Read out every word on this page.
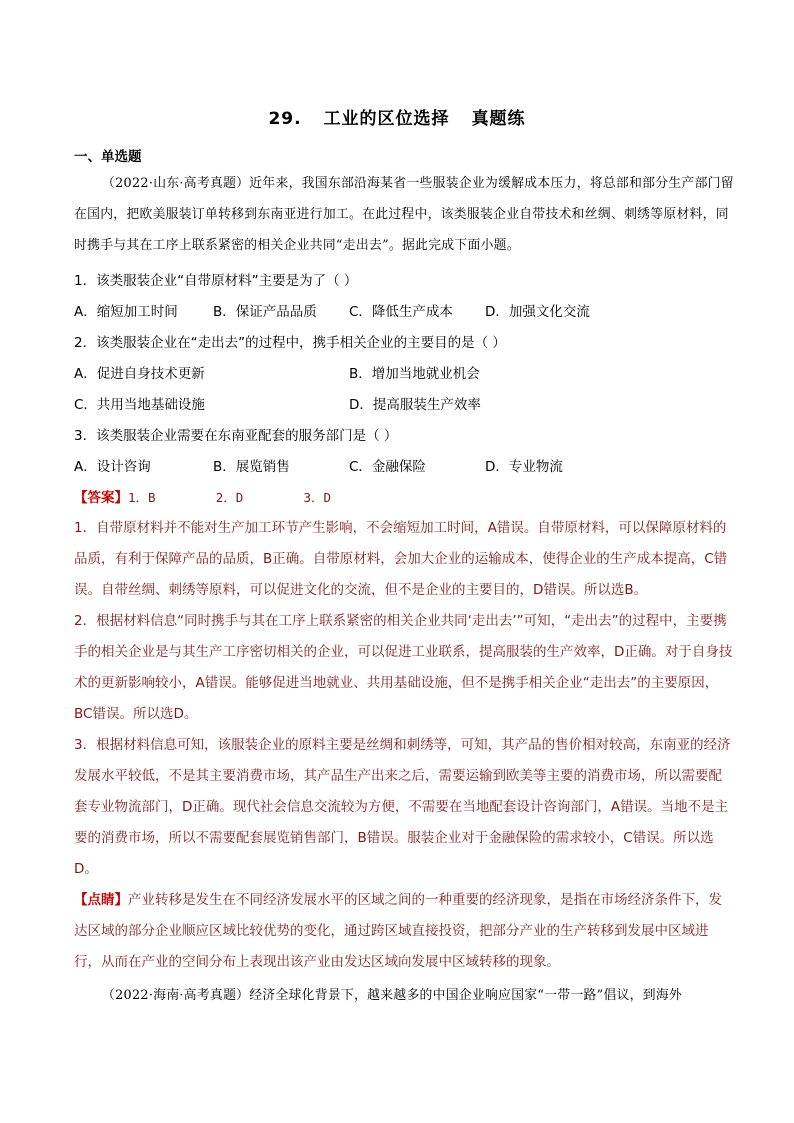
29. 工业的区位选择 真题练
一、单选题

（2022·山东·高考真题）近年来，我国东部沿海某省一些服装企业为缓解成本压力，将总部和部分生产部门留在国内，把欧美服装订单转移到东南亚进行加工。在此过程中，该类服装企业自带技术和丝绸、刺绣等原材料，同时携手与其在工序上联系紧密的相关企业共同“走出去”。据此完成下面小题。

1．该类服装企业“自带原材料”主要是为了（ ）
A．缩短加工时间	B．保证产品品质 C．降低生产成本 D．加强文化交流
2．该类服装企业在“走出去”的过程中，携手相关企业的主要目的是（ ）
A．促进自身技术更新	B．增加当地就业机会
C．共用当地基础设施	D．提高服装生产效率
3．该类服装企业需要在东南亚配套的服务部门是（ ）
A．设计咨询	B．展览销售	C．金融保险	D．专业物流
【答案】1．B        2．D        3．D

1．自带原材料并不能对生产加工环节产生影响，不会缩短加工时间，A错误。自带原材料，可以保障原材料的品质，有利于保障产品的品质，B正确。自带原材料，会加大企业的运输成本，使得企业的生产成本提高，C错误。自带丝绸、刺绣等原料，可以促进文化的交流，但不是企业的主要目的，D错误。所以选B。

2．根据材料信息“同时携手与其在工序上联系紧密的相关企业共同‘走出去’”可知，“走出去”的过程中，主要携手的相关企业是与其生产工序密切相关的企业，可以促进工业联系，提高服装的生产效率，D正确。对于自身技术的更新影响较小，A错误。能够促进当地就业、共用基础设施，但不是携手相关企业“走出去”的主要原因，BC错误。所以选D。

3．根据材料信息可知，该服装企业的原料主要是丝绸和刺绣等，可知，其产品的售价相对较高，东南亚的经济发展水平较低，不是其主要消费市场，其产品生产出来之后，需要运输到欧美等主要的消费市场，所以需要配套专业物流部门，D正确。现代社会信息交流较为方便，不需要在当地配套设计咨询部门，A错误。当地不是主要的消费市场，所以不需要配套展览销售部门，B错误。服装企业对于金融保险的需求较小，C错误。所以选D。

【点睛】产业转移是发生在不同经济发展水平的区域之间的一种重要的经济现象，是指在市场经济条件下，发达区域的部分企业顺应区域比较优势的变化，通过跨区域直接投资，把部分产业的生产转移到发展中区域进行，从而在产业的空间分布上表现出该产业由发达区域向发展中区域转移的现象。

（2022·海南·高考真题）经济全球化背景下，越来越多的中国企业响应国家“一带一路”倡议，到海外
